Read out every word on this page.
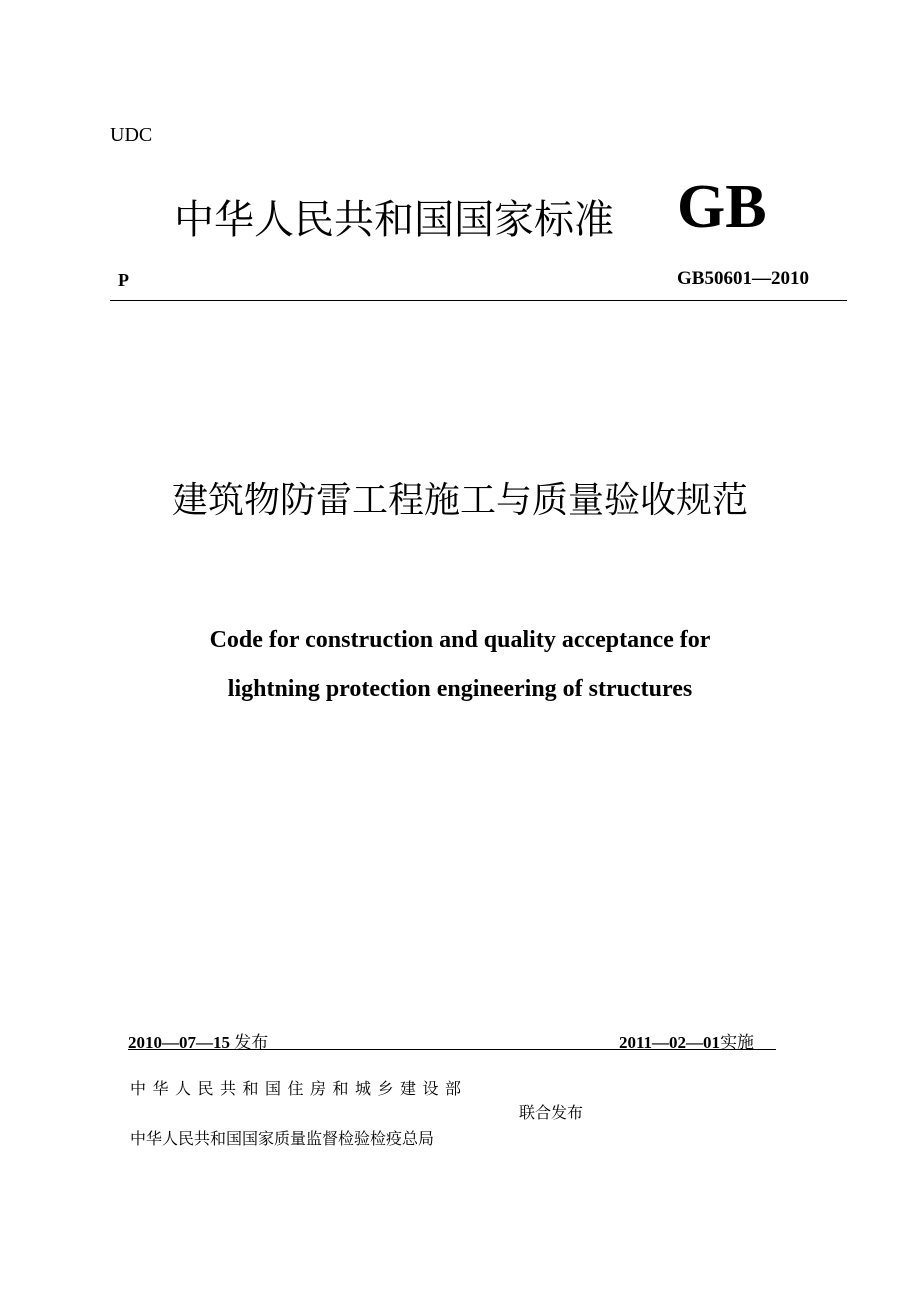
UDC
中华人民共和国国家标准 GB
P	GB50601—2010
建筑物防雷工程施工与质量验收规范
Code for construction and quality acceptance for
lightning protection engineering of structures
2010—07—15 发布	2011—02—01实施
中华人民共和国住房和城乡建设部
联合发布
中华人民共和国国家质量监督检验检疫总局
